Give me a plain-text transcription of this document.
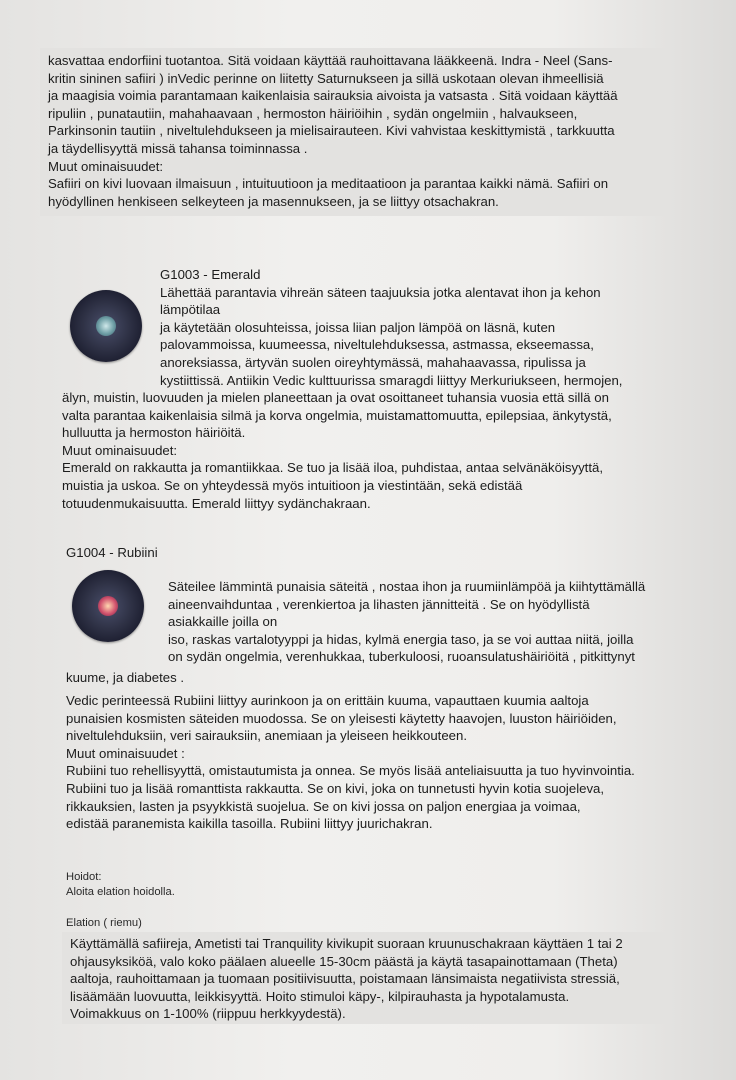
kasvattaa endorfiini tuotantoa. Sitä voidaan käyttää rauhoittavana lääkkeenä. Indra - Neel (Sans-
kritin sininen safiiri ) inVedic perinne on liitetty Saturnukseen ja sillä uskotaan olevan ihmeellisiä
ja maagisia voimia parantamaan kaikenlaisia sairauksia aivoista ja vatsasta . Sitä voidaan käyttää
ripuliin , punatautiin, mahahaavaan , hermoston häiriöihin , sydän ongelmiin , halvaukseen,
Parkinsonin tautiin , niveltulehdukseen ja mielisairauteen. Kivi vahvistaa keskittymistä , tarkkuutta
ja täydellisyyttä missä tahansa toiminnassa .
Muut ominaisuudet:
Safiiri on kivi luovaan ilmaisuun , intuituutioon ja meditaatioon ja parantaa kaikki nämä. Safiiri on
hyödyllinen henkiseen selkeyteen ja masennukseen, ja se liittyy otsachakran.
G1003 - Emerald
Lähettää parantavia vihreän säteen taajuuksia jotka alentavat ihon ja kehon
lämpötilaa
ja käytetään olosuhteissa, joissa liian paljon lämpöä on läsnä, kuten
palovammoissa, kuumeessa, niveltulehduksessa, astmassa, ekseemassa,
anoreksiassa, ärtyvän suolen oireyhtymässä, mahahaavassa, ripulissa ja
kystiittissä. Antiikin Vedic kulttuurissa smaragdi liittyy Merkuriukseen, hermojen,
älyn, muistin, luovuuden ja mielen planeettaan ja ovat osoittaneet tuhansia vuosia että sillä on
valta parantaa kaikenlaisia silmä ja korva ongelmia, muistamattomuutta, epilepsiaa, änkytystä,
hulluutta ja hermoston häiriöitä.
Muut ominaisuudet:
Emerald on rakkautta ja romantiikkaa. Se tuo ja lisää iloa, puhdistaa, antaa selvänäköisyyttä,
muistia ja uskoa. Se on yhteydessä myös intuitioon ja viestintään, sekä edistää
totuudenmukaisuutta. Emerald liittyy sydänchakraan.
G1004 - Rubiini
Säteilee lämmintä punaisia säteitä , nostaa ihon ja ruumiinlämpöä ja kiihtyttämällä
aineenvaihduntaa , verenkiertoa ja lihasten jännitteitä . Se on hyödyllistä
asiakkaille joilla on
iso, raskas vartalotyyppi ja hidas, kylmä energia taso, ja se voi auttaa niitä, joilla
on sydän ongelmia, verenhukkaa, tuberkuloosi, ruoansulatushäiriöitä , pitkittynyt
kuume, ja diabetes .
Vedic perinteessä Rubiini liittyy aurinkoon ja on erittäin kuuma, vapauttaen kuumia aaltoja
punaisien kosmisten säteiden muodossa. Se on yleisesti käytetty haavojen, luuston häiriöiden,
niveltulehduksiin, veri sairauksiin, anemiaan ja yleiseen heikkouteen.
Muut ominaisuudet :
Rubiini tuo rehellisyyttä, omistautumista ja onnea. Se myös lisää anteliaisuutta ja tuo hyvinvointia.
Rubiini tuo ja lisää romanttista rakkautta. Se on kivi, joka on tunnetusti hyvin kotia suojeleva,
rikkauksien, lasten ja psyykkistä suojelua. Se on kivi jossa on paljon energiaa ja voimaa,
edistää paranemista kaikilla tasoilla. Rubiini liittyy juurichakran.
Hoidot:
Aloita elation hoidolla.
Elation ( riemu)
Käyttämällä safiireja, Ametisti tai Tranquility kivikupit suoraan kruunuschakraan käyttäen 1 tai 2
ohjausyksiköä, valo koko päälaen alueelle 15-30cm päästä ja käytä tasapainottamaan (Theta)
aaltoja, rauhoittamaan ja tuomaan positiivisuutta, poistamaan länsimaista negatiivista stressiä,
lisäämään luovuutta, leikkisyyttä. Hoito stimuloi käpy-, kilpirauhasta ja hypotalamusta.
Voimakkuus on 1-100% (riippuu herkkyydestä).
